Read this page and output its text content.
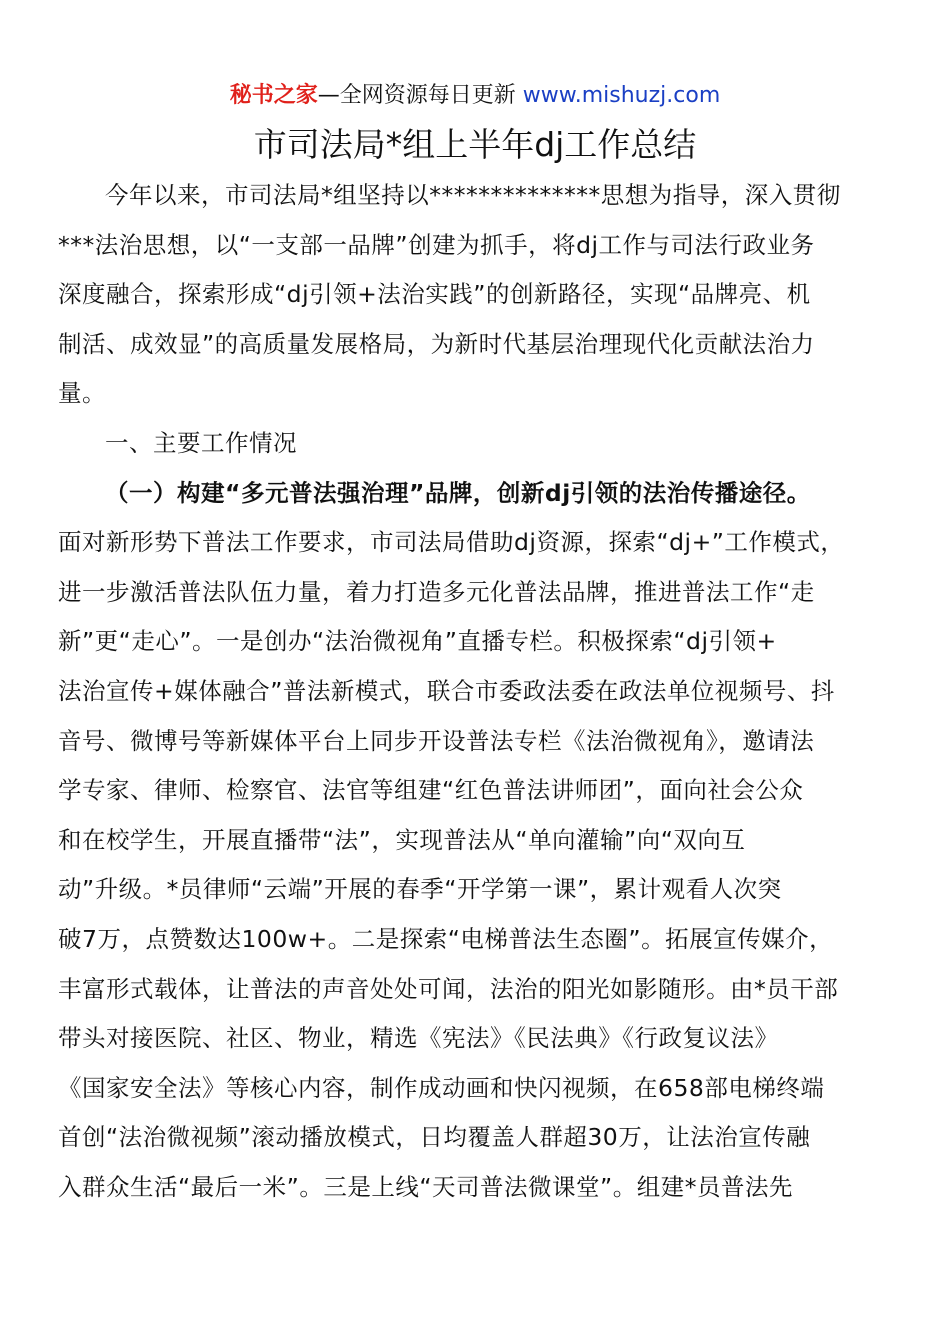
秘书之家—全网资源每日更新 www.mishuzj.com
市司法局*组上半年dj工作总结

今年以来，市司法局*组坚持以**************思想为指导，深入贯彻
***法治思想，以“一支部一品牌”创建为抓手，将dj工作与司法行政业务
深度融合，探索形成“dj引领+法治实践”的创新路径，实现“品牌亮、机
制活、成效显”的高质量发展格局，为新时代基层治理现代化贡献法治力
量。

一、主要工作情况

（一）构建“多元普法强治理”品牌，创新dj引领的法治传播途径。
面对新形势下普法工作要求，市司法局借助dj资源，探索“dj+”工作模式，
进一步激活普法队伍力量，着力打造多元化普法品牌，推进普法工作“走
新”更“走心”。一是创办“法治微视角”直播专栏。积极探索“dj引领+
法治宣传+媒体融合”普法新模式，联合市委政法委在政法单位视频号、抖
音号、微博号等新媒体平台上同步开设普法专栏《法治微视角》，邀请法
学专家、律师、检察官、法官等组建“红色普法讲师团”，面向社会公众
和在校学生，开展直播带“法”，实现普法从“单向灌输”向“双向互
动”升级。*员律师“云端”开展的春季“开学第一课”，累计观看人次突
破7万，点赞数达100w+。二是探索“电梯普法生态圈”。拓展宣传媒介，
丰富形式载体，让普法的声音处处可闻，法治的阳光如影随形。由*员干部
带头对接医院、社区、物业，精选《宪法》《民法典》《行政复议法》
《国家安全法》等核心内容，制作成动画和快闪视频，在658部电梯终端
首创“法治微视频”滚动播放模式，日均覆盖人群超30万，让法治宣传融
入群众生活“最后一米”。三是上线“天司普法微课堂”。组建*员普法先
